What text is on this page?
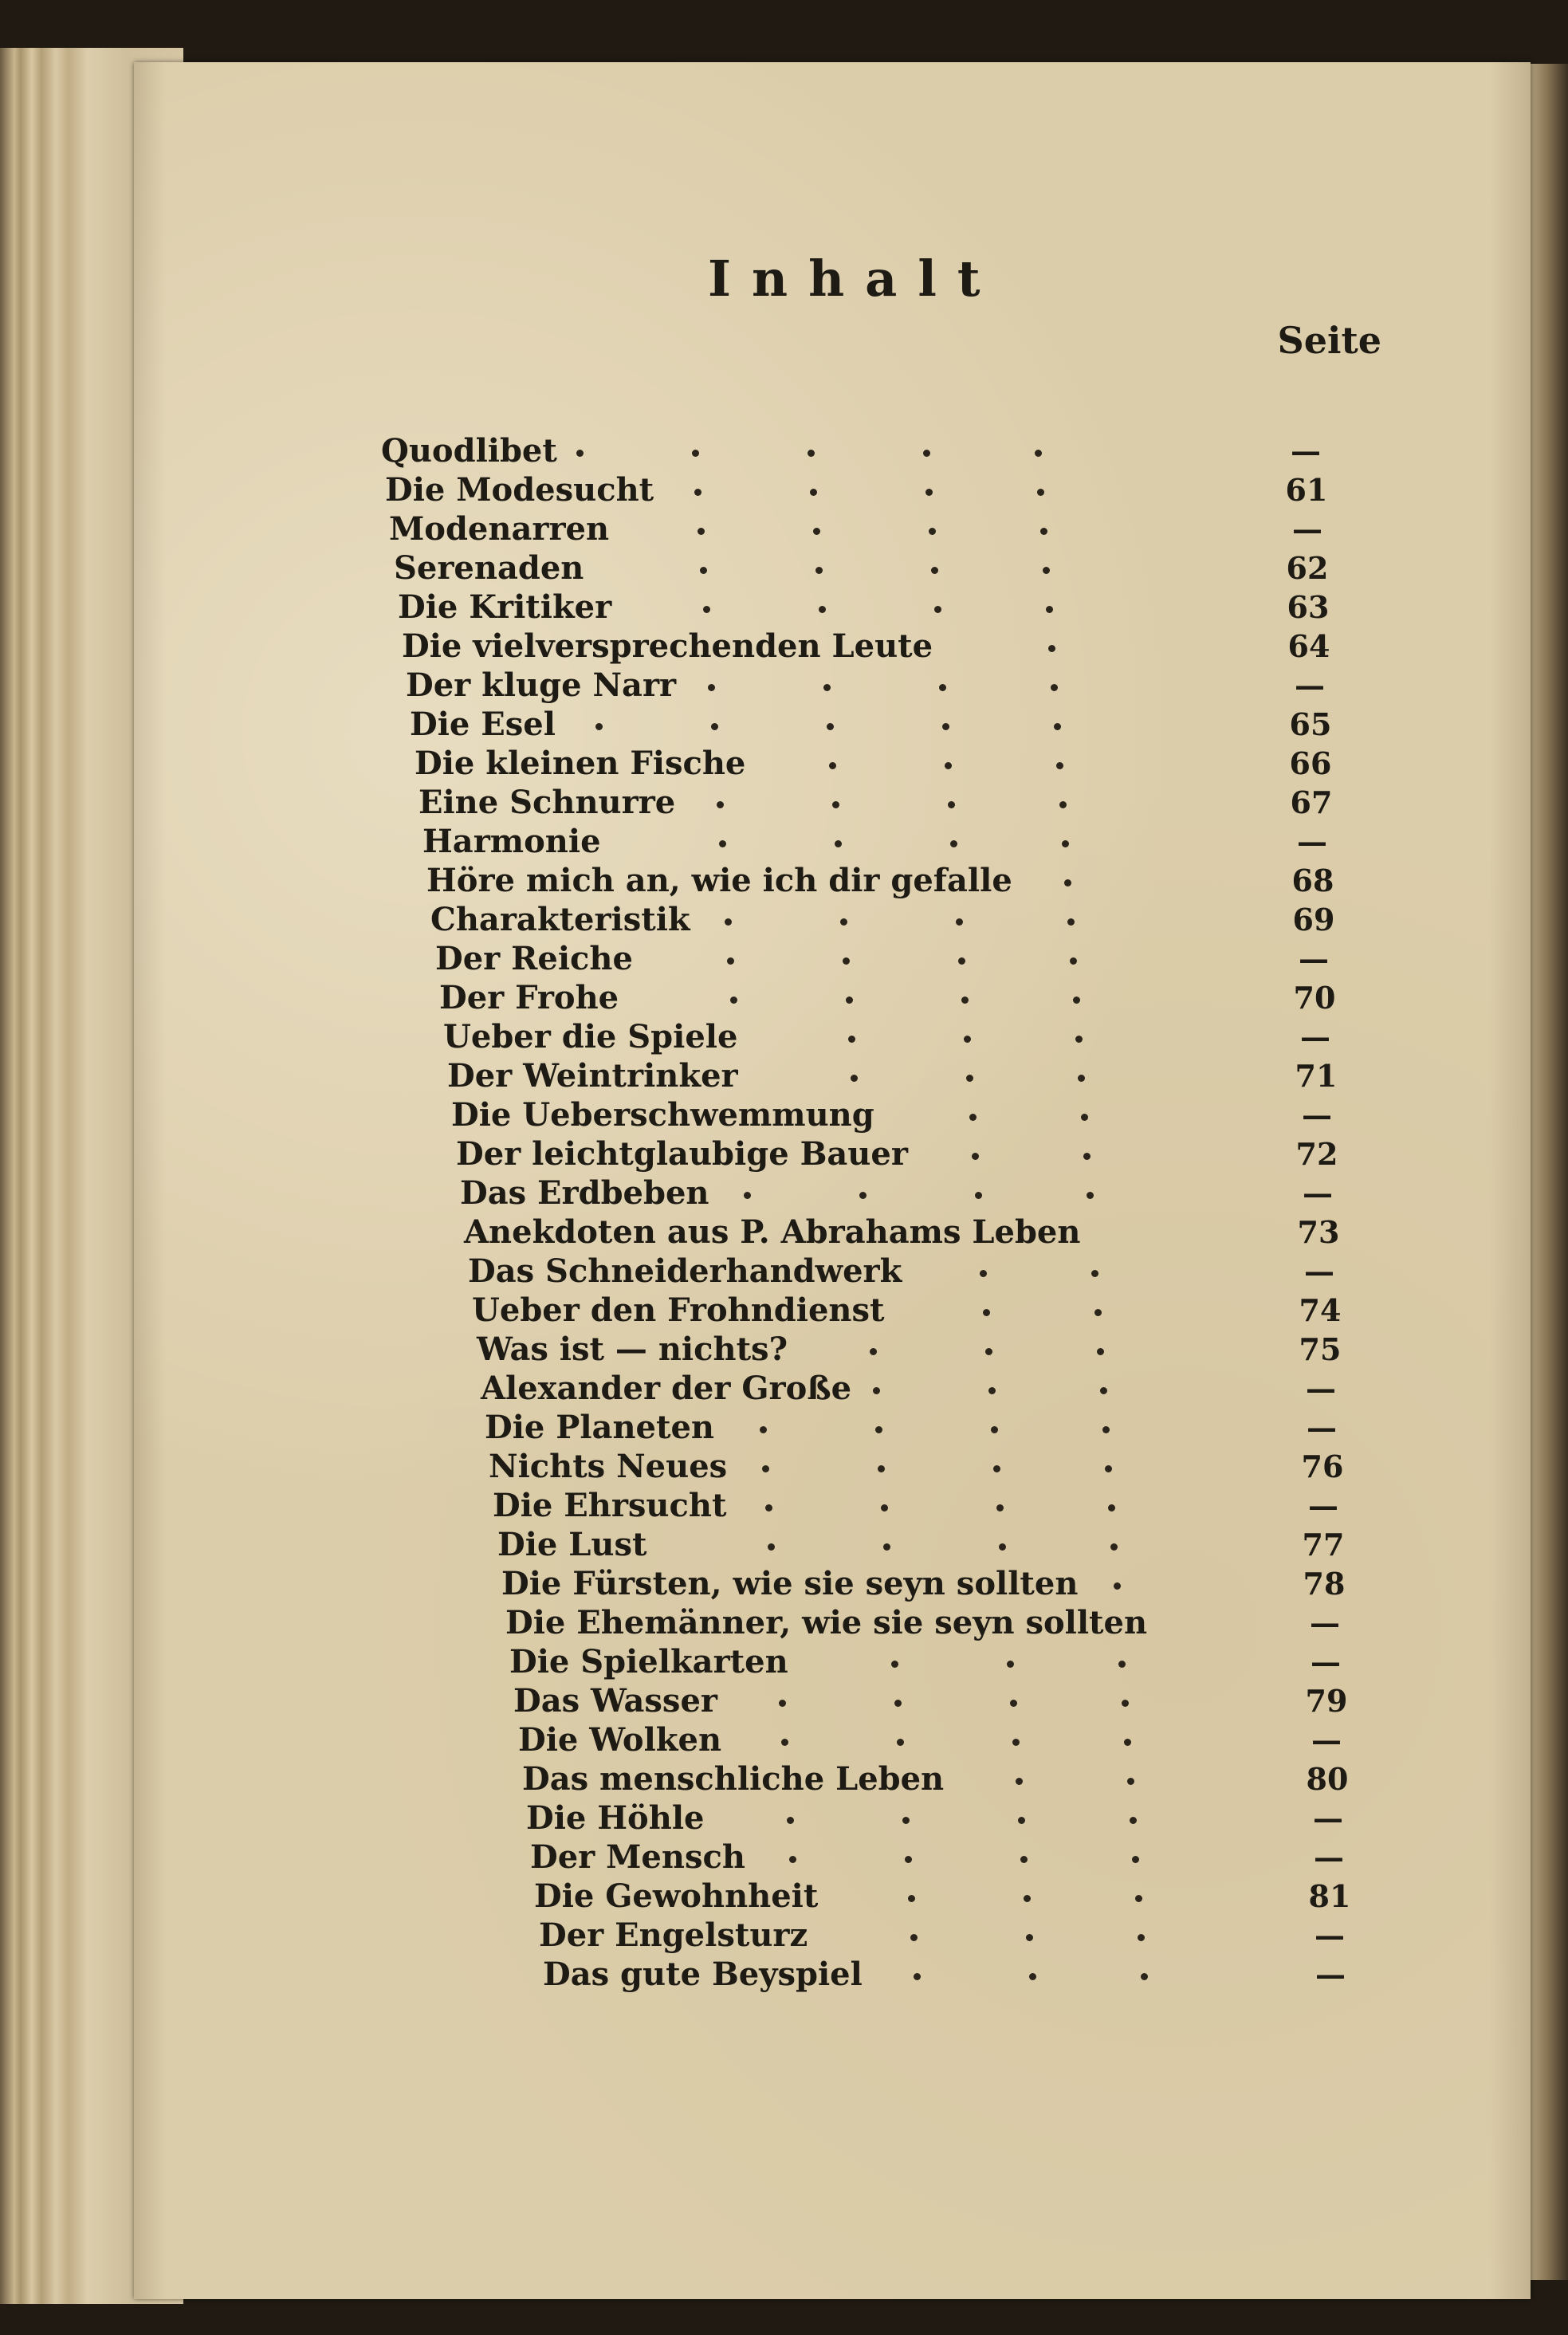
Inhalt
Seite
Quodlibet	—
Die Modesucht	61
Modenarren	—
Serenaden	62
Die Kritiker	63
Die vielversprechenden Leute	64
Der kluge Narr	—
Die Esel	65
Die kleinen Fische	66
Eine Schnurre	67
Harmonie	—
Höre mich an, wie ich dir gefalle	68
Charakteristik	69
Der Reiche	—
Der Frohe	70
Ueber die Spiele	—
Der Weintrinker	71
Die Ueberschwemmung	—
Der leichtglaubige Bauer	72
Das Erdbeben	—
Anekdoten aus P. Abrahams Leben	73
Das Schneiderhandwerk	—
Ueber den Frohndienst	74
Was ist — nichts?	75
Alexander der Große	—
Die Planeten	—
Nichts Neues	76
Die Ehrsucht	—
Die Lust	77
Die Fürsten, wie sie seyn sollten	78
Die Ehemänner, wie sie seyn sollten	—
Die Spielkarten	—
Das Wasser	79
Die Wolken	—
Das menschliche Leben	80
Die Höhle	—
Der Mensch	—
Die Gewohnheit	81
Der Engelsturz	—
Das gute Beyspiel	—
